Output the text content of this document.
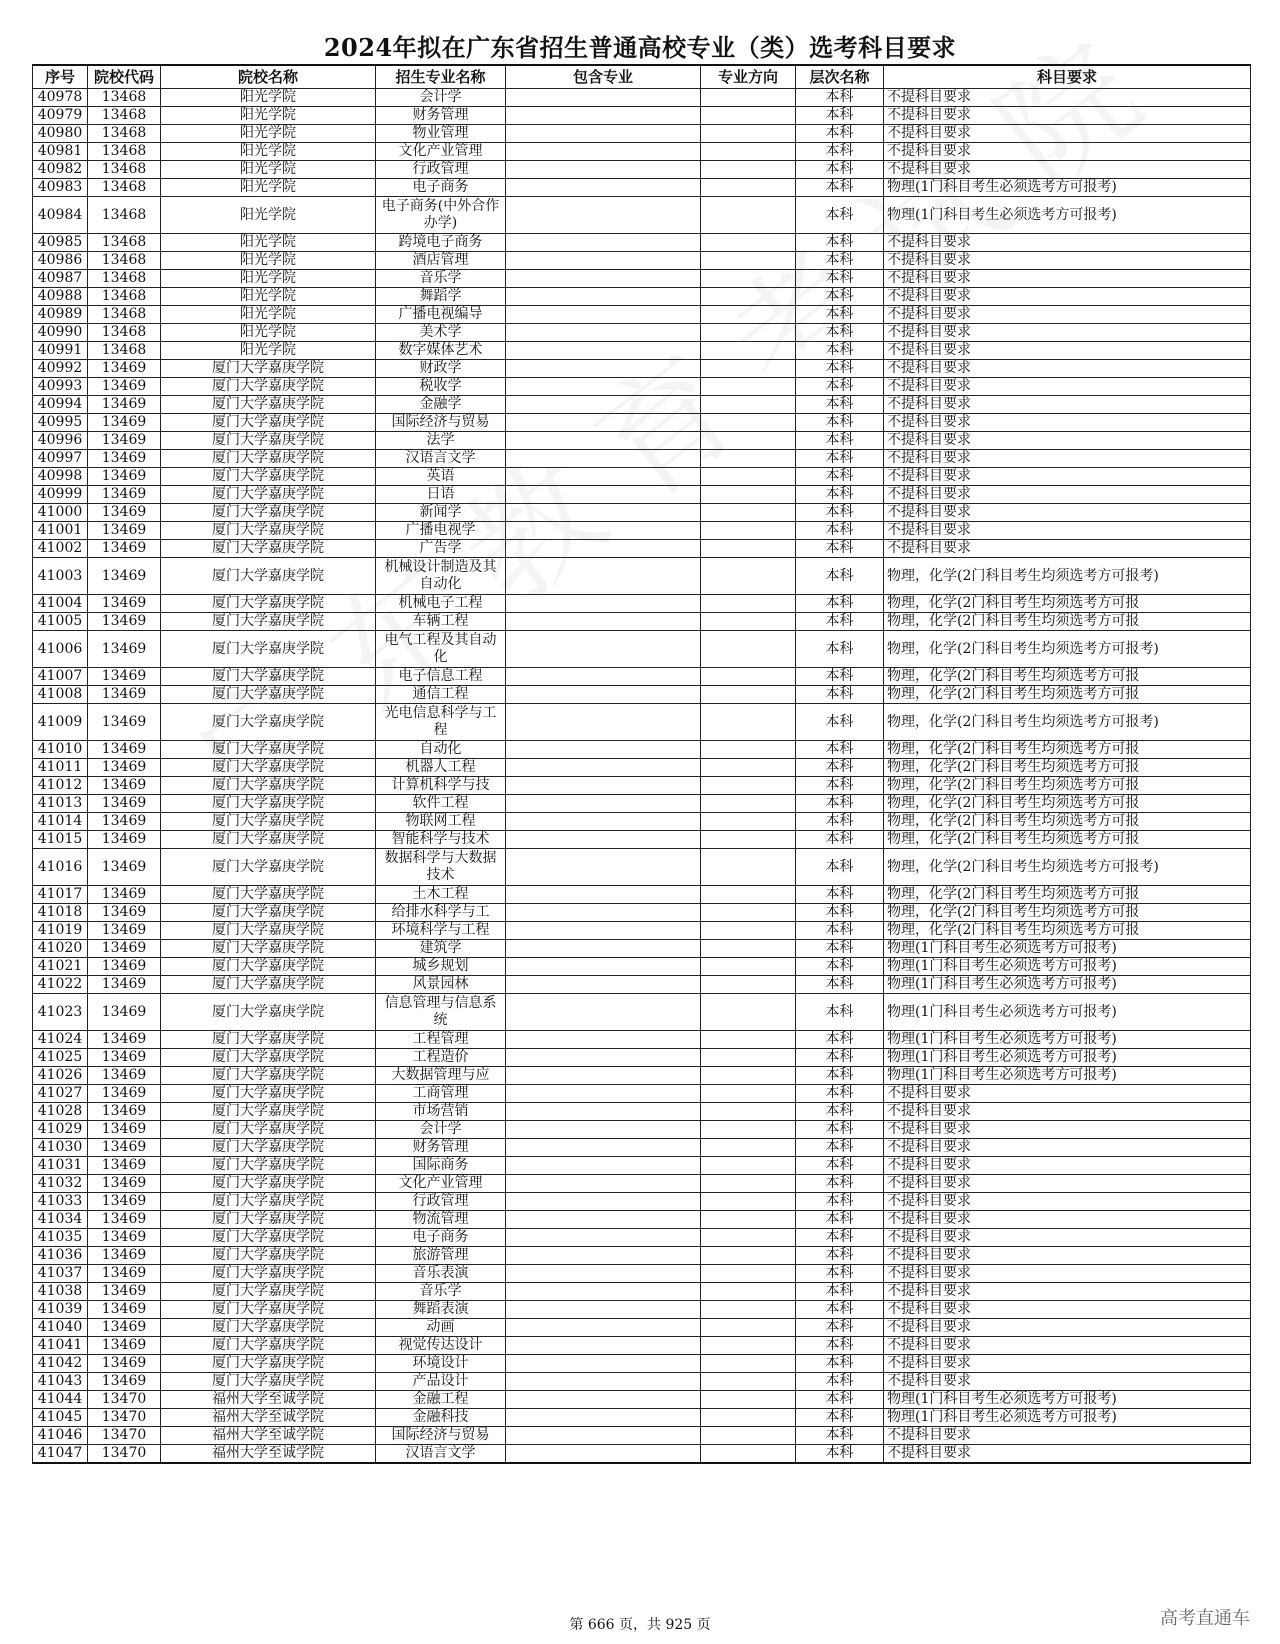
2024年拟在广东省招生普通高校专业（类）选考科目要求
序号	院校代码	院校名称	招生专业名称	包含专业	专业方向	层次名称	科目要求
40978	13468	阳光学院	会计学			本科	不提科目要求
40979	13468	阳光学院	财务管理			本科	不提科目要求
40980	13468	阳光学院	物业管理			本科	不提科目要求
40981	13468	阳光学院	文化产业管理			本科	不提科目要求
40982	13468	阳光学院	行政管理			本科	不提科目要求
40983	13468	阳光学院	电子商务			本科	物理(1门科目考生必须选考方可报考)
40984	13468	阳光学院	电子商务(中外合作办学)			本科	物理(1门科目考生必须选考方可报考)
40985	13468	阳光学院	跨境电子商务			本科	不提科目要求
40986	13468	阳光学院	酒店管理			本科	不提科目要求
40987	13468	阳光学院	音乐学			本科	不提科目要求
40988	13468	阳光学院	舞蹈学			本科	不提科目要求
40989	13468	阳光学院	广播电视编导			本科	不提科目要求
40990	13468	阳光学院	美术学			本科	不提科目要求
40991	13468	阳光学院	数字媒体艺术			本科	不提科目要求
40992	13469	厦门大学嘉庚学院	财政学			本科	不提科目要求
40993	13469	厦门大学嘉庚学院	税收学			本科	不提科目要求
40994	13469	厦门大学嘉庚学院	金融学			本科	不提科目要求
40995	13469	厦门大学嘉庚学院	国际经济与贸易			本科	不提科目要求
40996	13469	厦门大学嘉庚学院	法学			本科	不提科目要求
40997	13469	厦门大学嘉庚学院	汉语言文学			本科	不提科目要求
40998	13469	厦门大学嘉庚学院	英语			本科	不提科目要求
40999	13469	厦门大学嘉庚学院	日语			本科	不提科目要求
41000	13469	厦门大学嘉庚学院	新闻学			本科	不提科目要求
41001	13469	厦门大学嘉庚学院	广播电视学			本科	不提科目要求
41002	13469	厦门大学嘉庚学院	广告学			本科	不提科目要求
41003	13469	厦门大学嘉庚学院	机械设计制造及其自动化			本科	物理，化学(2门科目考生均须选考方可报考)
41004	13469	厦门大学嘉庚学院	机械电子工程			本科	物理，化学(2门科目考生均须选考方可报
41005	13469	厦门大学嘉庚学院	车辆工程			本科	物理，化学(2门科目考生均须选考方可报
41006	13469	厦门大学嘉庚学院	电气工程及其自动化			本科	物理，化学(2门科目考生均须选考方可报考)
41007	13469	厦门大学嘉庚学院	电子信息工程			本科	物理，化学(2门科目考生均须选考方可报
41008	13469	厦门大学嘉庚学院	通信工程			本科	物理，化学(2门科目考生均须选考方可报
41009	13469	厦门大学嘉庚学院	光电信息科学与工程			本科	物理，化学(2门科目考生均须选考方可报考)
41010	13469	厦门大学嘉庚学院	自动化			本科	物理，化学(2门科目考生均须选考方可报
41011	13469	厦门大学嘉庚学院	机器人工程			本科	物理，化学(2门科目考生均须选考方可报
41012	13469	厦门大学嘉庚学院	计算机科学与技			本科	物理，化学(2门科目考生均须选考方可报
41013	13469	厦门大学嘉庚学院	软件工程			本科	物理，化学(2门科目考生均须选考方可报
41014	13469	厦门大学嘉庚学院	物联网工程			本科	物理，化学(2门科目考生均须选考方可报
41015	13469	厦门大学嘉庚学院	智能科学与技术			本科	物理，化学(2门科目考生均须选考方可报
41016	13469	厦门大学嘉庚学院	数据科学与大数据技术			本科	物理，化学(2门科目考生均须选考方可报考)
41017	13469	厦门大学嘉庚学院	土木工程			本科	物理，化学(2门科目考生均须选考方可报
41018	13469	厦门大学嘉庚学院	给排水科学与工			本科	物理，化学(2门科目考生均须选考方可报
41019	13469	厦门大学嘉庚学院	环境科学与工程			本科	物理，化学(2门科目考生均须选考方可报
41020	13469	厦门大学嘉庚学院	建筑学			本科	物理(1门科目考生必须选考方可报考)
41021	13469	厦门大学嘉庚学院	城乡规划			本科	物理(1门科目考生必须选考方可报考)
41022	13469	厦门大学嘉庚学院	风景园林			本科	物理(1门科目考生必须选考方可报考)
41023	13469	厦门大学嘉庚学院	信息管理与信息系统			本科	物理(1门科目考生必须选考方可报考)
41024	13469	厦门大学嘉庚学院	工程管理			本科	物理(1门科目考生必须选考方可报考)
41025	13469	厦门大学嘉庚学院	工程造价			本科	物理(1门科目考生必须选考方可报考)
41026	13469	厦门大学嘉庚学院	大数据管理与应			本科	物理(1门科目考生必须选考方可报考)
41027	13469	厦门大学嘉庚学院	工商管理			本科	不提科目要求
41028	13469	厦门大学嘉庚学院	市场营销			本科	不提科目要求
41029	13469	厦门大学嘉庚学院	会计学			本科	不提科目要求
41030	13469	厦门大学嘉庚学院	财务管理			本科	不提科目要求
41031	13469	厦门大学嘉庚学院	国际商务			本科	不提科目要求
41032	13469	厦门大学嘉庚学院	文化产业管理			本科	不提科目要求
41033	13469	厦门大学嘉庚学院	行政管理			本科	不提科目要求
41034	13469	厦门大学嘉庚学院	物流管理			本科	不提科目要求
41035	13469	厦门大学嘉庚学院	电子商务			本科	不提科目要求
41036	13469	厦门大学嘉庚学院	旅游管理			本科	不提科目要求
41037	13469	厦门大学嘉庚学院	音乐表演			本科	不提科目要求
41038	13469	厦门大学嘉庚学院	音乐学			本科	不提科目要求
41039	13469	厦门大学嘉庚学院	舞蹈表演			本科	不提科目要求
41040	13469	厦门大学嘉庚学院	动画			本科	不提科目要求
41041	13469	厦门大学嘉庚学院	视觉传达设计			本科	不提科目要求
41042	13469	厦门大学嘉庚学院	环境设计			本科	不提科目要求
41043	13469	厦门大学嘉庚学院	产品设计			本科	不提科目要求
41044	13470	福州大学至诚学院	金融工程			本科	物理(1门科目考生必须选考方可报考)
41045	13470	福州大学至诚学院	金融科技			本科	物理(1门科目考生必须选考方可报考)
41046	13470	福州大学至诚学院	国际经济与贸易			本科	不提科目要求
41047	13470	福州大学至诚学院	汉语言文学			本科	不提科目要求
第 666 页，共 925 页	高考直通车
